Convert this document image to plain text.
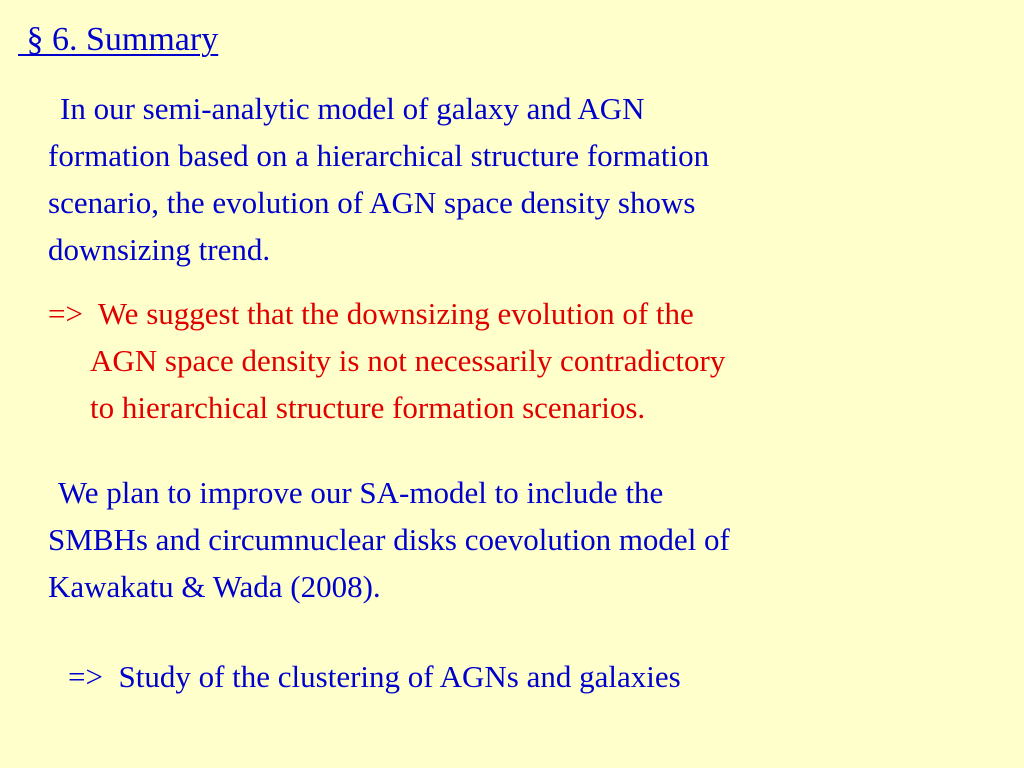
§ 6. Summary

In our semi-analytic model of galaxy and AGN
formation based on a hierarchical structure formation
scenario, the evolution of AGN space density shows
downsizing trend.

=>  We suggest that the downsizing evolution of the
AGN space density is not necessarily contradictory
to hierarchical structure formation scenarios.

We plan to improve our SA-model to include the
SMBHs and circumnuclear disks coevolution model of
Kawakatu & Wada (2008).

=>  Study of the clustering of AGNs and galaxies
